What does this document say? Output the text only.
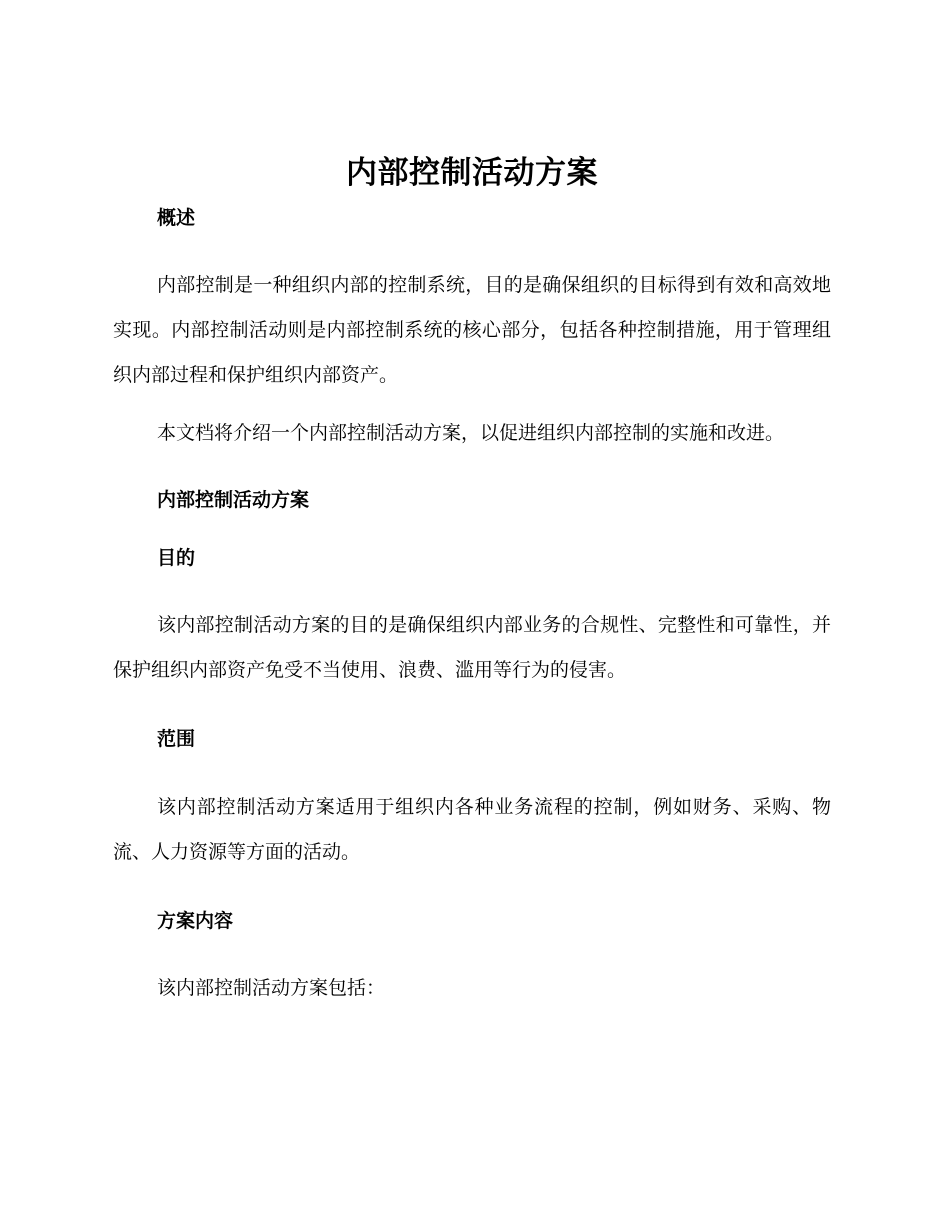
内部控制活动方案
概述

内部控制是一种组织内部的控制系统，目的是确保组织的目标得到有效和高效地实现。内部控制活动则是内部控制系统的核心部分，包括各种控制措施，用于管理组织内部过程和保护组织内部资产。

本文档将介绍一个内部控制活动方案，以促进组织内部控制的实施和改进。

内部控制活动方案
目的

该内部控制活动方案的目的是确保组织内部业务的合规性、完整性和可靠性，并保护组织内部资产免受不当使用、浪费、滥用等行为的侵害。

范围

该内部控制活动方案适用于组织内各种业务流程的控制，例如财务、采购、物流、人力资源等方面的活动。

方案内容

该内部控制活动方案包括：
